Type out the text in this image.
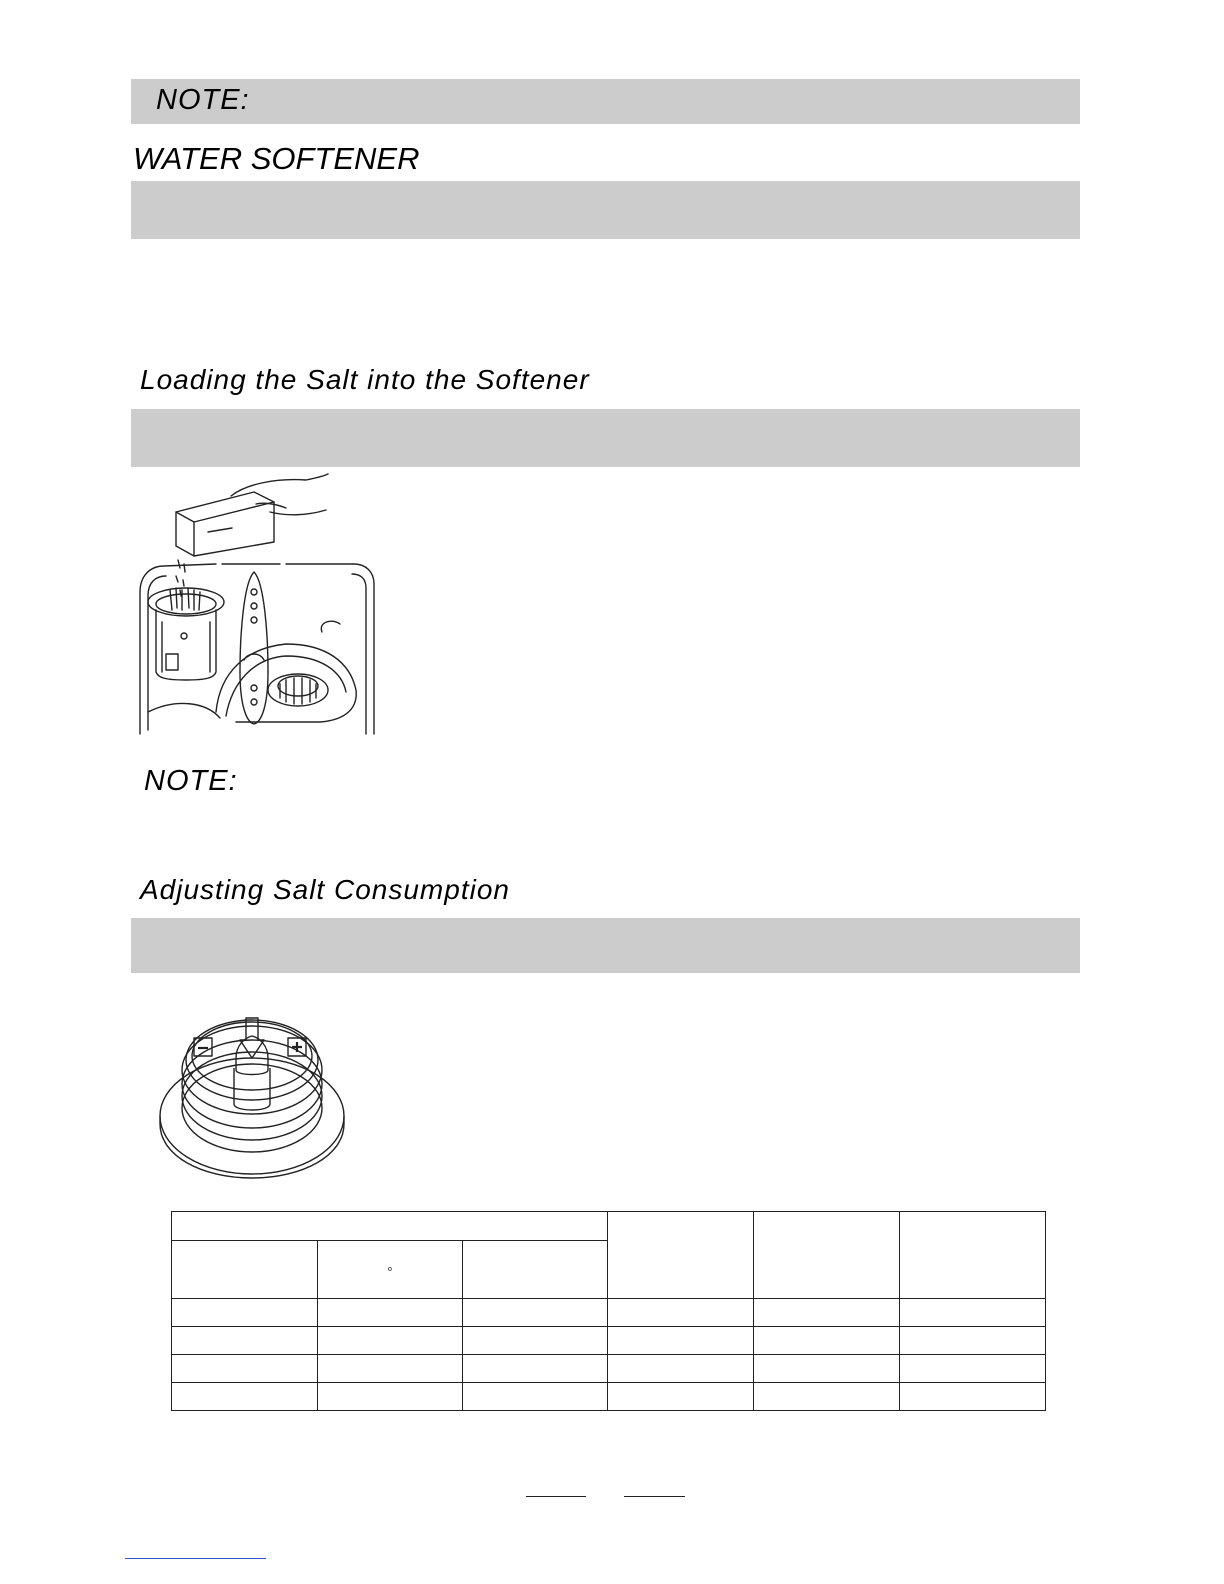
NOTE:
WATER SOFTENER
Loading the Salt into the Softener
NOTE:
Adjusting Salt Consumption

	$_o$	
